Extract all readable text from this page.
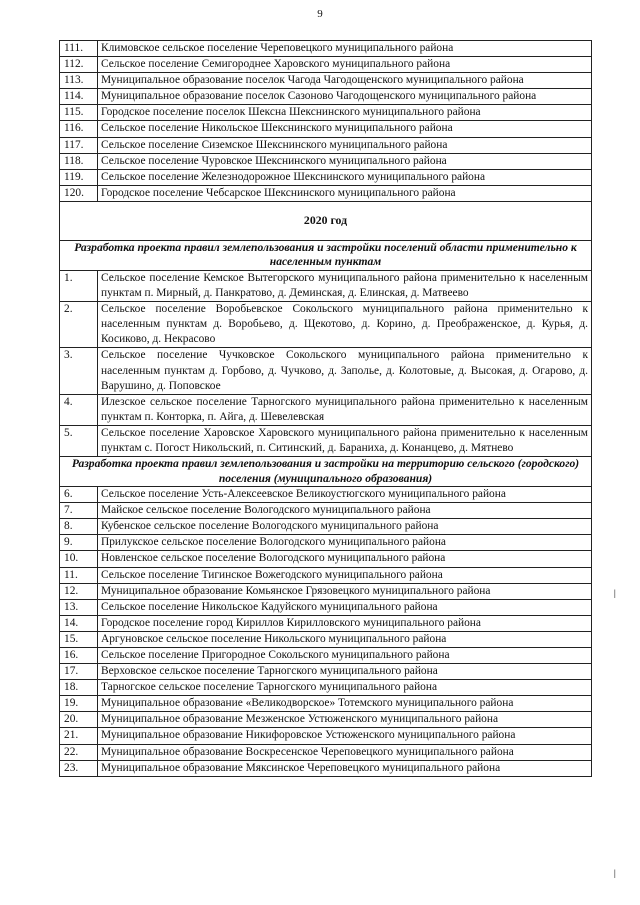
9
111.	Климовское сельское поселение Череповецкого муниципального района
112.	Сельское поселение Семигороднее Харовского муниципального района
113.	Муниципальное образование поселок Чагода Чагодощенского муниципального района
114.	Муниципальное образование поселок Сазоново Чагодощенского муниципального района
115.	Городское поселение поселок Шексна Шекснинского муниципального района
116.	Сельское поселение Никольское Шекснинского муниципального района
117.	Сельское поселение Сиземское Шекснинского муниципального района
118.	Сельское поселение Чуровское Шекснинского муниципального района
119.	Сельское поселение Железнодорожное Шекснинского муниципального района
120.	Городское поселение Чебсарское Шекснинского муниципального района
2020 год	
Разработка проекта правил землепользования и застройки поселений области применительно к населенным пунктам	
1.	Сельское поселение Кемское Вытегорского муниципального района применительно к населенным пунктам п. Мирный, д. Панкратово, д. Деминская, д. Елинская, д. Матвеево
2.	Сельское поселение Воробьевское Сокольского муниципального района применительно к населенным пунктам д. Воробьево, д. Щекотово, д. Корино, д. Преображенское, д. Курья, д. Косиково, д. Некрасово
3.	Сельское поселение Чучковское Сокольского муниципального района применительно к населенным пунктам д. Горбово, д. Чучково, д. Заполье, д. Колотовые, д. Высокая, д. Огарово, д. Варушино, д. Поповское
4.	Илезское сельское поселение Тарногского муниципального района применительно к населенным пунктам п. Конторка, п. Айга, д. Шевелевская
5.	Сельское поселение Харовское Харовского муниципального района применительно к населенным пунктам с. Погост Никольский, п. Ситинский, д. Бараниха, д. Конанцево, д. Мятнево
Разработка проекта правил землепользования и застройки на территорию сельского (городского) поселения (муниципального образования)	
6.	Сельское поселение Усть-Алексеевское Великоустюгского муниципального района
7.	Майское сельское поселение Вологодского муниципального района
8.	Кубенское сельское поселение Вологодского муниципального района
9.	Прилукское сельское поселение Вологодского муниципального района
10.	Новленское сельское поселение Вологодского муниципального района
11.	Сельское поселение Тигинское Вожегодского муниципального района
12.	Муниципальное образование Комьянское Грязовецкого муниципального района
13.	Сельское поселение Никольское Кадуйского муниципального района
14.	Городское поселение город Кириллов Кирилловского муниципального района
15.	Аргуновское сельское поселение Никольского муниципального района
16.	Сельское поселение Пригородное Сокольского муниципального района
17.	Верховское сельское поселение Тарногского муниципального района
18.	Тарногское сельское поселение Тарногского муниципального района
19.	Муниципальное образование «Великодворское» Тотемского муниципального района
20.	Муниципальное образование Мезженское Устюженского муниципального района
21.	Муниципальное образование Никифоровское Устюженского муниципального района
22.	Муниципальное образование Воскресенское Череповецкого муниципального района
23.	Муниципальное образование Мяксинское Череповецкого муниципального района
|
|
